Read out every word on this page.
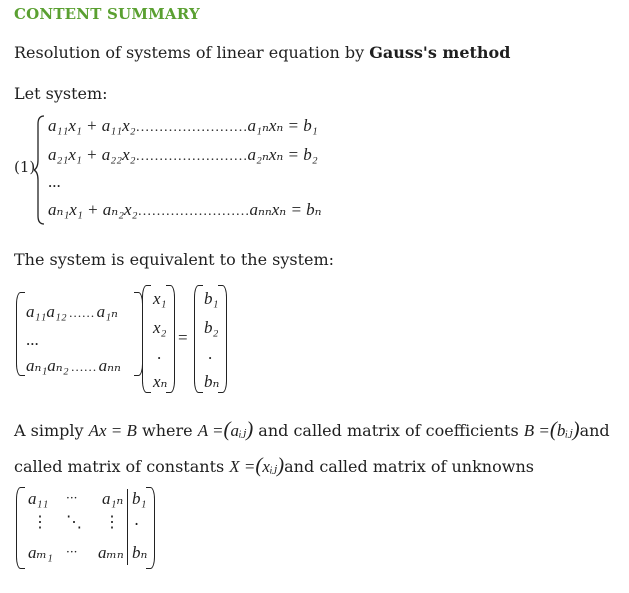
CONTENT SUMMARY
Resolution of systems of linear equation by Gauss's method
Let system:
(1)
a₁₁x₁ + a₁₁x₂……………………a₁ₙxₙ = b₁
a₂₁x₁ + a₂₂x₂……………………a₂ₙxₙ = b₂
...
aₙ₁x₁ + aₙ₂x₂……………………aₙₙxₙ = bₙ
The system is equivalent to the system:
a₁₁a₁₂ …… a₁ₙ
...
aₙ₁aₙ₂ …… aₙₙ
x₁
x₂
.
xₙ
=
b₁
b₂
.
bₙ
A simply Ax = B where A =(aᵢⱼ) and called matrix of coefficients B =(bᵢⱼ)and
called matrix of constants X =(xᵢⱼ)and called matrix of unknowns
a₁₁ ··· a₁ₙ b₁
⋮ ⋱ ⋮ .
aₘ₁ ··· aₘₙ bₙ
